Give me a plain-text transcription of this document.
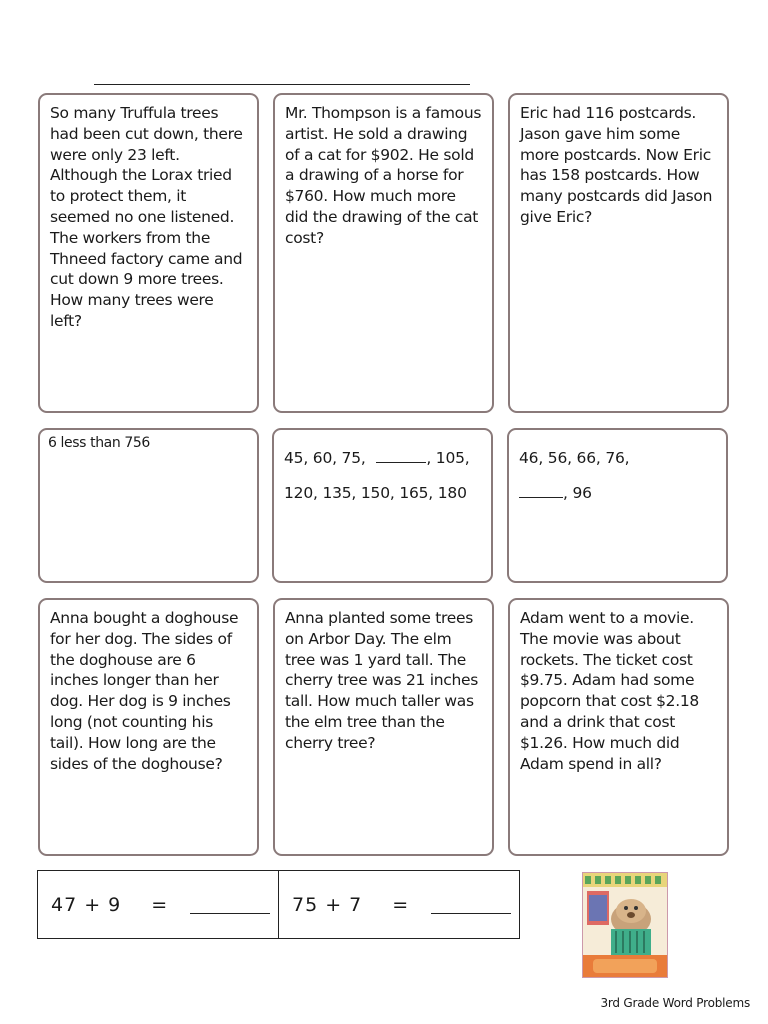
So many Truffula trees had been cut down, there were only 23 left. Although the Lorax tried to protect them, it seemed no one listened. The workers from the Thneed factory came and cut down 9 more trees. How many trees were left?
Mr. Thompson is a famous artist. He sold a drawing of a cat for $902. He sold a drawing of a horse for $760. How much more did the drawing of the cat cost?
Eric had 116 postcards. Jason gave him some more postcards. Now Eric has 158 postcards. How many postcards did Jason give Eric?
6 less than 756
45, 60, 75,	, 105,
120, 135, 150, 165, 180
46, 56, 66, 76,
, 96
Anna bought a doghouse for her dog. The sides of the doghouse are 6 inches longer than her dog. Her dog is 9 inches long (not counting his tail). How long are the sides of the doghouse?
Anna planted some trees on Arbor Day. The elm tree was 1 yard tall. The cherry tree was 21 inches tall. How much taller was the elm tree than the cherry tree?
Adam went to a movie. The movie was about rockets. The ticket cost $9.75. Adam had some popcorn that cost $2.18 and a drink that cost $1.26. How much did Adam spend in all?
47 + 9 =	75 + 7 =
3rd Grade Word Problems
